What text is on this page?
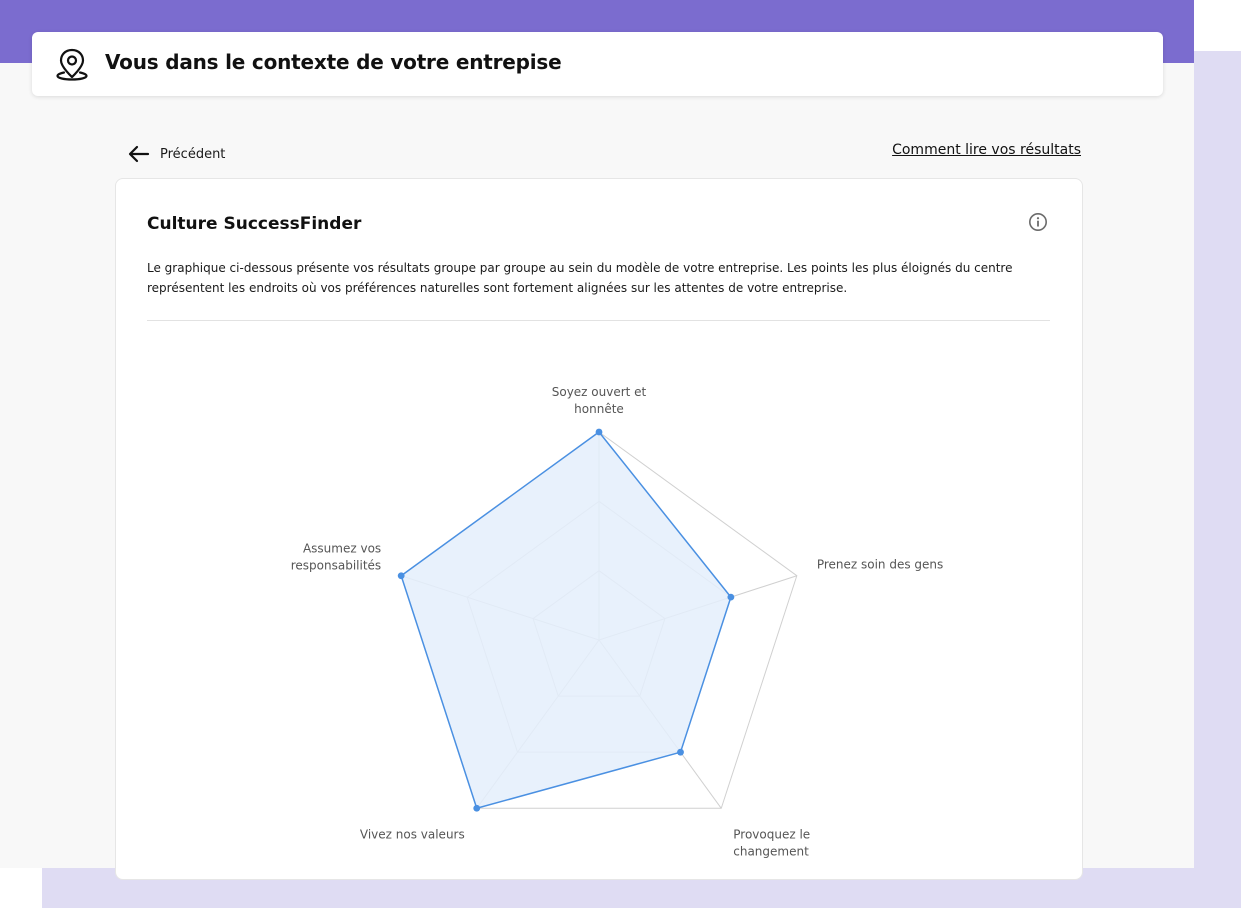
Vous dans le contexte de votre entrepise
Précédent	Comment lire vos résultats
Culture SuccessFinder
Le graphique ci-dessous présente vos résultats groupe par groupe au sein du modèle de votre entreprise. Les points les plus éloignés du centre représentent les endroits où vos préférences naturelles sont fortement alignées sur les attentes de votre entreprise.
Soyez ouvert et honnête
Prenez soin des gens
Provoquez le changement
Vivez nos valeurs
Assumez vos responsabilités
